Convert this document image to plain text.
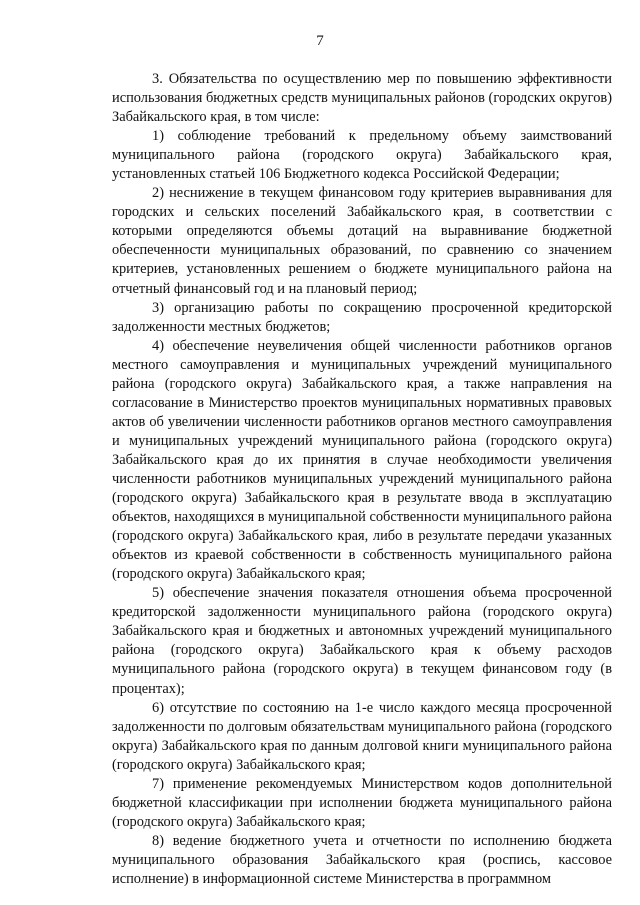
7

3. Обязательства по осуществлению мер по повышению эффективности использования бюджетных средств муниципальных районов (городских округов) Забайкальского края, в том числе:

1) соблюдение требований к предельному объему заимствований муниципального района (городского округа) Забайкальского края, установленных статьей 106 Бюджетного кодекса Российской Федерации;

2) неснижение в текущем финансовом году критериев выравнивания для городских и сельских поселений Забайкальского края, в соответствии с которыми определяются объемы дотаций на выравнивание бюджетной обеспеченности муниципальных образований, по сравнению со значением критериев, установленных решением о бюджете муниципального района на отчетный финансовый год и на плановый период;

3) организацию работы по сокращению просроченной кредиторской задолженности местных бюджетов;

4) обеспечение неувеличения общей численности работников органов местного самоуправления и муниципальных учреждений муниципального района (городского округа) Забайкальского края, а также направления на согласование в Министерство проектов муниципальных нормативных правовых актов об увеличении численности работников органов местного самоуправления и муниципальных учреждений муниципального района (городского округа) Забайкальского края до их принятия в случае необходимости увеличения численности работников муниципальных учреждений муниципального района (городского округа) Забайкальского края в результате ввода в эксплуатацию объектов, находящихся в муниципальной собственности муниципального района (городского округа) Забайкальского края, либо в результате передачи указанных объектов из краевой собственности в собственность муниципального района (городского округа) Забайкальского края;

5) обеспечение значения показателя отношения объема просроченной кредиторской задолженности муниципального района (городского округа) Забайкальского края и бюджетных и автономных учреждений муниципального района (городского округа) Забайкальского края к объему расходов муниципального района (городского округа) в текущем финансовом году (в процентах);

6) отсутствие по состоянию на 1-е число каждого месяца просроченной задолженности по долговым обязательствам муниципального района (городского округа) Забайкальского края по данным долговой книги муниципального района (городского округа) Забайкальского края;

7) применение рекомендуемых Министерством кодов дополнительной бюджетной классификации при исполнении бюджета муниципального района (городского округа) Забайкальского края;

8) ведение бюджетного учета и отчетности по исполнению бюджета муниципального образования Забайкальского края (роспись, кассовое исполнение) в информационной системе Министерства в программном
